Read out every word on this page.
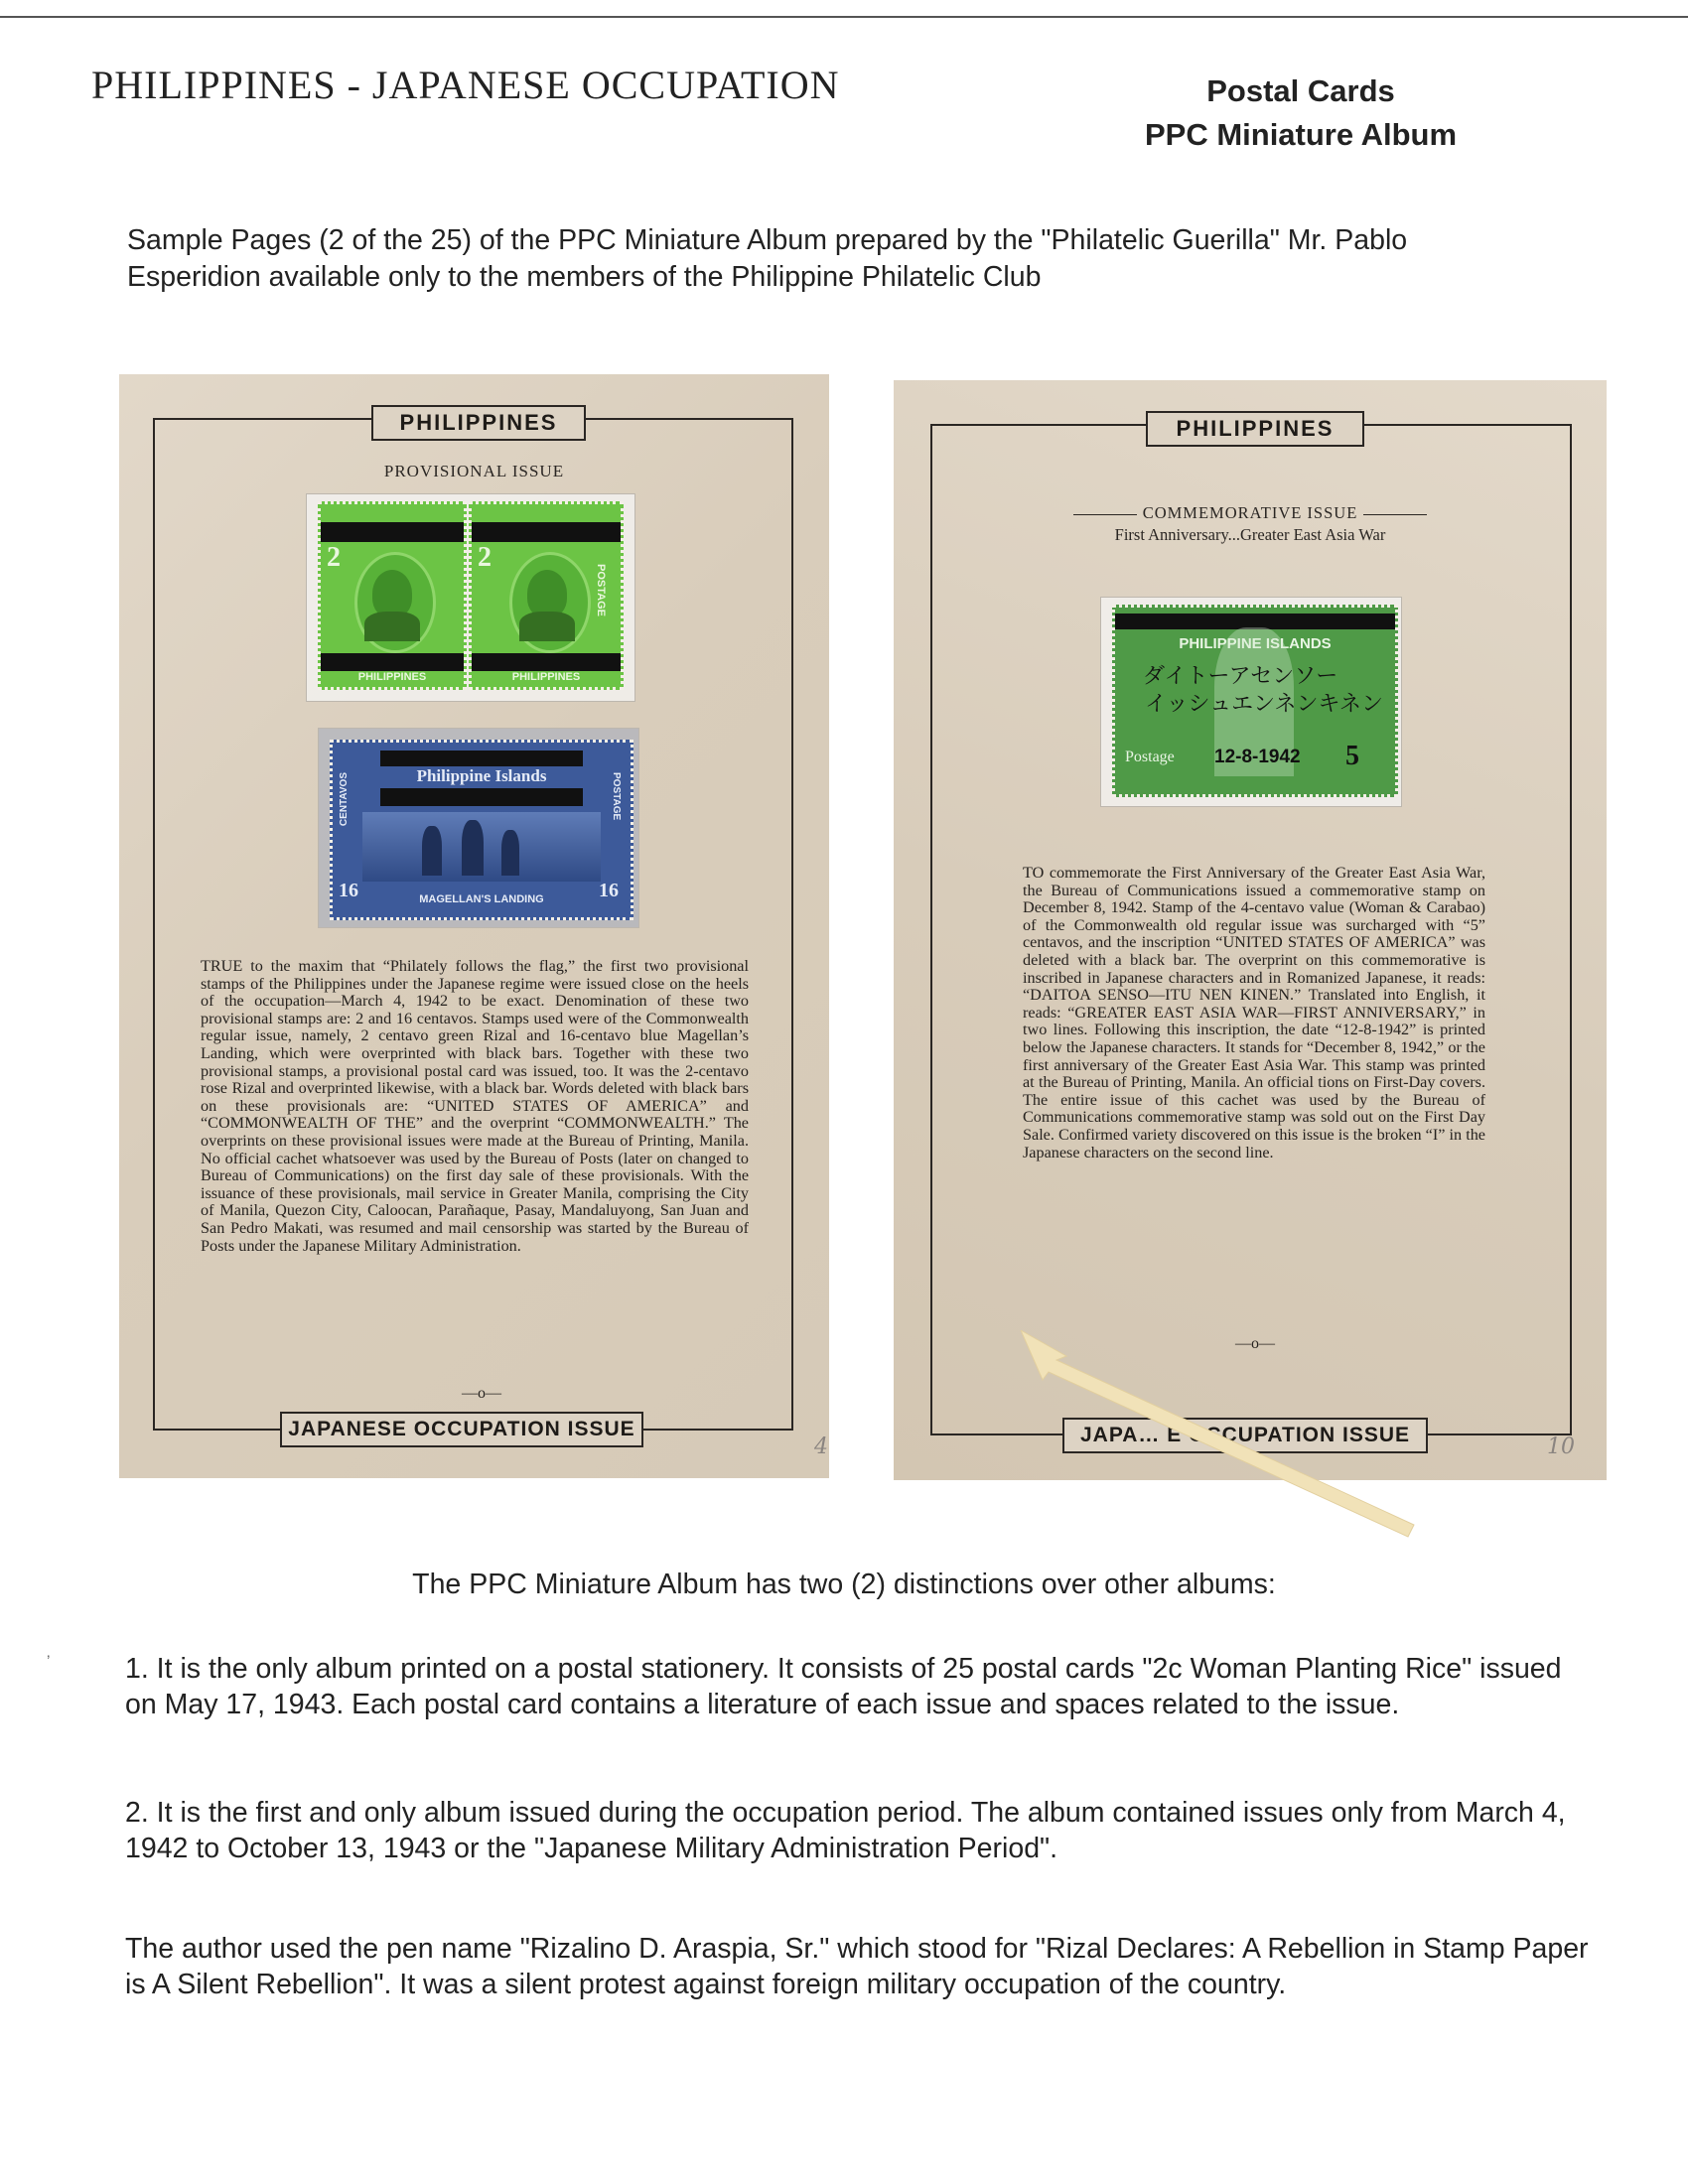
PHILIPPINES - JAPANESE OCCUPATION	Postal Cards
PPC Miniature Album
Sample Pages (2 of the 25) of the PPC Miniature Album prepared by the "Philatelic Guerilla" Mr. Pablo Esperidion available only to the members of the Philippine Philatelic Club
PHILIPPINES
PROVISIONAL ISSUE
2
PHILIPPINES
2
POSTAGE
PHILIPPINES
Philippine Islands
CENTAVOS	POSTAGE
16	16
MAGELLAN'S LANDING
TRUE to the maxim that “Philately follows the flag,” the first two provisional stamps of the Philippines under the Japanese regime were issued close on the heels of the occupation—March 4, 1942 to be exact. Denomination of these two provisional stamps are: 2 and 16 centavos. Stamps used were of the Commonwealth regular issue, namely, 2 centavo green Rizal and 16-centavo blue Magellan’s Landing, which were overprinted with black bars. Together with these two provisional stamps, a provisional postal card was issued, too. It was the 2-centavo rose Rizal and overprinted likewise, with a black bar. Words deleted with black bars on these provisionals are: “UNITED STATES OF AMERICA” and “COMMONWEALTH OF THE” and the overprint “COMMONWEALTH.” The overprints on these provisional issues were made at the Bureau of Printing, Manila. No official cachet whatsoever was used by the Bureau of Posts (later on changed to Bureau of Communications) on the first day sale of these provisionals. With the issuance of these provisionals, mail service in Greater Manila, comprising the City of Manila, Quezon City, Caloocan, Parañaque, Pasay, Mandaluyong, San Juan and San Pedro Makati, was resumed and mail censorship was started by the Bureau of Posts under the Japanese Military Administration.
—o—
JAPANESE OCCUPATION ISSUE
4
PHILIPPINES
COMMEMORATIVE ISSUE
First Anniversary...Greater East Asia War
PHILIPPINE ISLANDS
ダイトーアセンソー
イッシュエンネンキネン
Postage 12-8-1942 5
TO commemorate the First Anniversary of the Greater East Asia War, the Bureau of Communications issued a commemorative stamp on December 8, 1942. Stamp of the 4-centavo value (Woman & Carabao) of the Commonwealth old regular issue was surcharged with “5” centavos, and the inscription “UNITED STATES OF AMERICA” was deleted with a black bar. The overprint on this commemorative is inscribed in Japanese characters and in Romanized Japanese, it reads: “DAITOA SENSO—ITU NEN KINEN.” Translated into English, it reads: “GREATER EAST ASIA WAR—FIRST ANNIVERSARY,” in two lines. Following this inscription, the date “12-8-1942” is printed below the Japanese characters. It stands for “December 8, 1942,” or the first anniversary of the Greater East Asia War. This stamp was printed at the Bureau of Printing, Manila. An official tions on First-Day covers. The entire issue of this cachet was used by the Bureau of Communications commemorative stamp was sold out on the First Day Sale. Confirmed variety discovered on this issue is the broken “I” in the Japanese characters on the second line.
—o—
JAPA… E OCCUPATION ISSUE	10
The PPC Miniature Album has two (2) distinctions over other albums:
ʼ	1. It is the only album printed on a postal stationery. It consists of 25 postal cards "2c Woman Planting Rice" issued on May 17, 1943. Each postal card contains a literature of each issue and spaces related to the issue.
2. It is the first and only album issued during the occupation period. The album contained issues only from March 4, 1942 to October 13, 1943 or the "Japanese Military Administration Period".
The author used the pen name "Rizalino D. Araspia, Sr." which stood for "Rizal Declares: A Rebellion in Stamp Paper is A Silent Rebellion". It was a silent protest against foreign military occupation of the country.
